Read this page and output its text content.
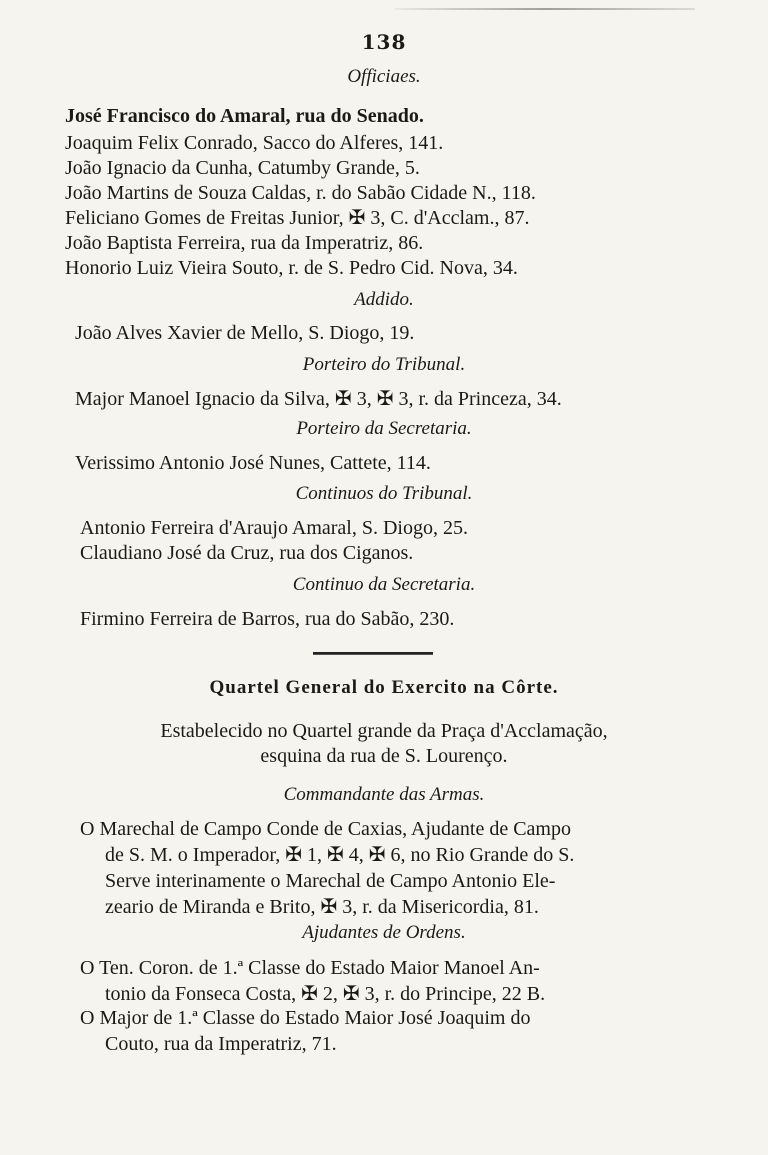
138
Officiaes.
José Francisco do Amaral, rua do Senado.
Joaquim Felix Conrado, Sacco do Alferes, 141.
João Ignacio da Cunha, Catumby Grande, 5.
João Martins de Souza Caldas, r. do Sabão Cidade N., 118.
Feliciano Gomes de Freitas Junior, ✠ 3, C. d'Acclam., 87.
João Baptista Ferreira, rua da Imperatriz, 86.
Honorio Luiz Vieira Souto, r. de S. Pedro Cid. Nova, 34.
Addido.
João Alves Xavier de Mello, S. Diogo, 19.
Porteiro do Tribunal.
Major Manoel Ignacio da Silva, ✠ 3, ✠ 3, r. da Princeza, 34.
Porteiro da Secretaria.
Verissimo Antonio José Nunes, Cattete, 114.
Continuos do Tribunal.
Antonio Ferreira d'Araujo Amaral, S. Diogo, 25.
Claudiano José da Cruz, rua dos Ciganos.
Continuo da Secretaria.
Firmino Ferreira de Barros, rua do Sabão, 230.
Quartel General do Exercito na Côrte.
Estabelecido no Quartel grande da Praça d'Acclamação,
esquina da rua de S. Lourenço.
Commandante das Armas.
O Marechal de Campo Conde de Caxias, Ajudante de Campo
de S. M. o Imperador, ✠ 1, ✠ 4, ✠ 6, no Rio Grande do S.
Serve interinamente o Marechal de Campo Antonio Ele-
zeario de Miranda e Brito, ✠ 3, r. da Misericordia, 81.
Ajudantes de Ordens.
O Ten. Coron. de 1.ª Classe do Estado Maior Manoel An-
tonio da Fonseca Costa, ✠ 2, ✠ 3, r. do Principe, 22 B.
O Major de 1.ª Classe do Estado Maior José Joaquim do
Couto, rua da Imperatriz, 71.
